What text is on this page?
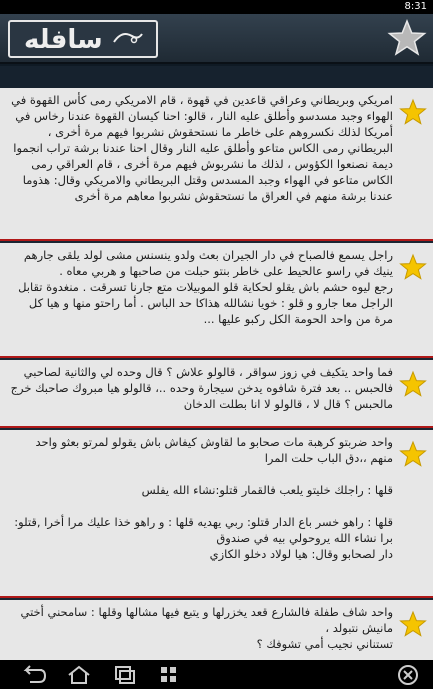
8:31
سافله
امريكي وبريطاني وعراقي قاعدين في قهوة ، قام الامريكي رمى كأس القهوة في الهواء وجبد مسدسو وأطلق عليه النار ، قالو: احنا كيسان القهوة عندنا رخاس في أمريكا لذلك نكسروهم على خاطر ما نستحقوش نشربوا فيهم مرة أخرى ، البريطاني رمى الكاس متاعو وأطلق عليه النار وقال احنا عندنا برشة تراب انجموا ديمة نصنعوا الكؤوس ، لذلك ما نشربوش فيهم مرة أخرى ، قام العراقي رمى الكاس متاعو في الهواء وجبد المسدس وقتل البريطاني والامريكي وقال: هذوما عندنا برشة منهم في العراق ما نستحقوش نشربوا معاهم مرة أخرى
راجل يسمع فالصباح في دار الجيران بعث ولدو ينسنس مشى لولد يلقى جارهم ينيك في راسو عالحيط على خاطر بنتو حبلت من صاحبها و هربي معاه .
رجع ليوه حشم باش يقلو لحكاية قلو الموبيلات متع جارنا تسرقت . منغدوة تقابل الراجل معا جارو و قلو : خويا نشالله هذاكا حد الباس . أما راحتو منها و هيا كل مرة من واحد الحومة الكل ركبو عليها ...
فما واحد يتكيف في زوز سواقر ، قالولو علاش ؟ قال وحده لي والثانية لصاحبي فالحبس .. بعد فترة شافوه يدخن سيجارة وحده ..، قالولو هيا مبروك صاحبك خرج مالحبس ؟ قال لا ، قالولو لا انا بطلت الدخان
واحد ضربتو كرهبة مات صحابو ما لقاوش كيفاش باش يقولو لمرتو بعثو واحد منهم ،،دق الباب حلت المرا

قلها : راجلك خليتو يلعب فالقمار قتلو:نشاء الله يفلس

قلها : راهو خسر باع الدار قتلو: ربي يهديه قلها : و راهو خذا عليك مرا أخرا ,قتلو: برا نشاء الله يروحولي بيه في صندوق
دار لصحابو وقال: هيا لولاد دخلو الكازي
واحد شاف طفلة فالشارع قعد يخزرلها و يتبع فيها مشالها وقلها : سامحني أختي مانيش نتبولد ،
تستناني نجيب أمي تشوفك ؟
